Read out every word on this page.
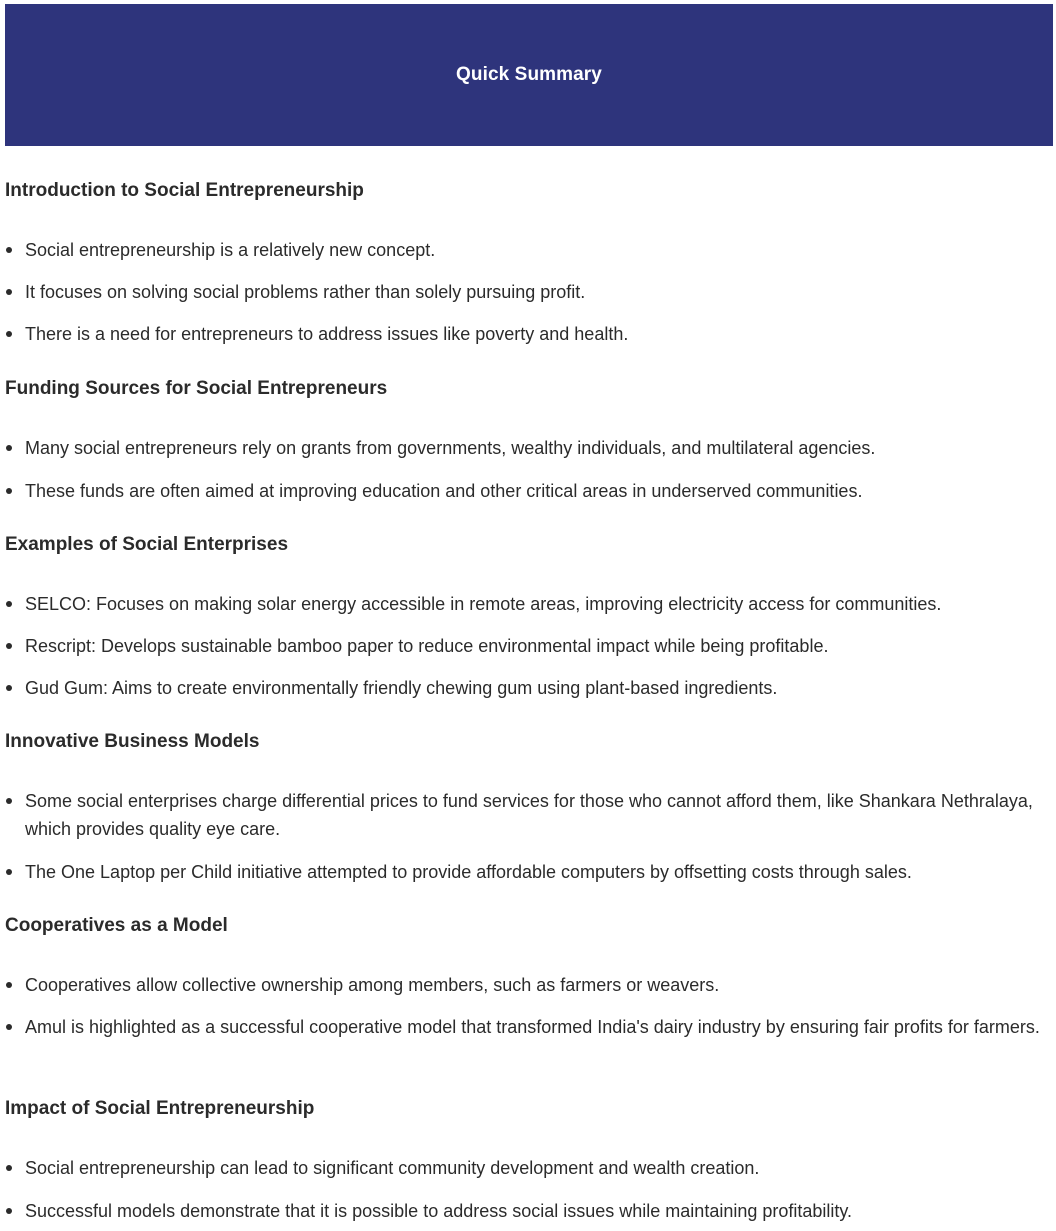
Quick Summary
Introduction to Social Entrepreneurship
Social entrepreneurship is a relatively new concept.
It focuses on solving social problems rather than solely pursuing profit.
There is a need for entrepreneurs to address issues like poverty and health.
Funding Sources for Social Entrepreneurs
Many social entrepreneurs rely on grants from governments, wealthy individuals, and multilateral agencies.
These funds are often aimed at improving education and other critical areas in underserved communities.
Examples of Social Enterprises
SELCO: Focuses on making solar energy accessible in remote areas, improving electricity access for communities.
Rescript: Develops sustainable bamboo paper to reduce environmental impact while being profitable.
Gud Gum: Aims to create environmentally friendly chewing gum using plant-based ingredients.
Innovative Business Models
Some social enterprises charge differential prices to fund services for those who cannot afford them, like Shankara Nethralaya, which provides quality eye care.
The One Laptop per Child initiative attempted to provide affordable computers by offsetting costs through sales.
Cooperatives as a Model
Cooperatives allow collective ownership among members, such as farmers or weavers.
Amul is highlighted as a successful cooperative model that transformed India's dairy industry by ensuring fair profits for farmers.
Impact of Social Entrepreneurship
Social entrepreneurship can lead to significant community development and wealth creation.
Successful models demonstrate that it is possible to address social issues while maintaining profitability.
